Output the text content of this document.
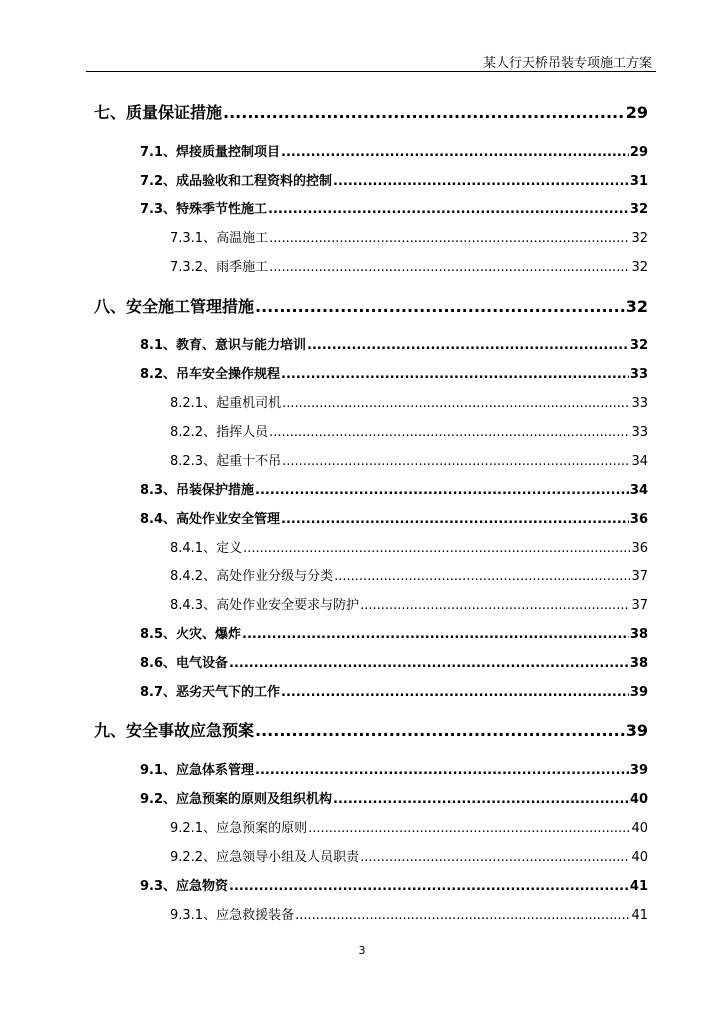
某人行天桥吊装专项施工方案
七、质量保证措施 .....	29
7.1、焊接质量控制项目 .....	29
7.2、成品验收和工程资料的控制 .....	31
7.3、特殊季节性施工 .....	32
7.3.1、高温施工 .....	32
7.3.2、雨季施工 .....	32
八、安全施工管理措施 .....	32
8.1、教育、意识与能力培训 .....	32
8.2、吊车安全操作规程 .....	33
8.2.1、起重机司机 .....	33
8.2.2、指挥人员 .....	33
8.2.3、起重十不吊 .....	34
8.3、吊装保护措施 .....	34
8.4、高处作业安全管理 .....	36
8.4.1、定义 .....	36
8.4.2、高处作业分级与分类 .....	37
8.4.3、高处作业安全要求与防护 .....	37
8.5、火灾、爆炸 .....	38
8.6、电气设备 .....	38
8.7、恶劣天气下的工作 .....	39
九、安全事故应急预案 .....	39
9.1、应急体系管理 .....	39
9.2、应急预案的原则及组织机构 .....	40
9.2.1、应急预案的原则 .....	40
9.2.2、应急领导小组及人员职责 .....	40
9.3、应急物资 .....	41
9.3.1、应急救援装备 .....	41
3
